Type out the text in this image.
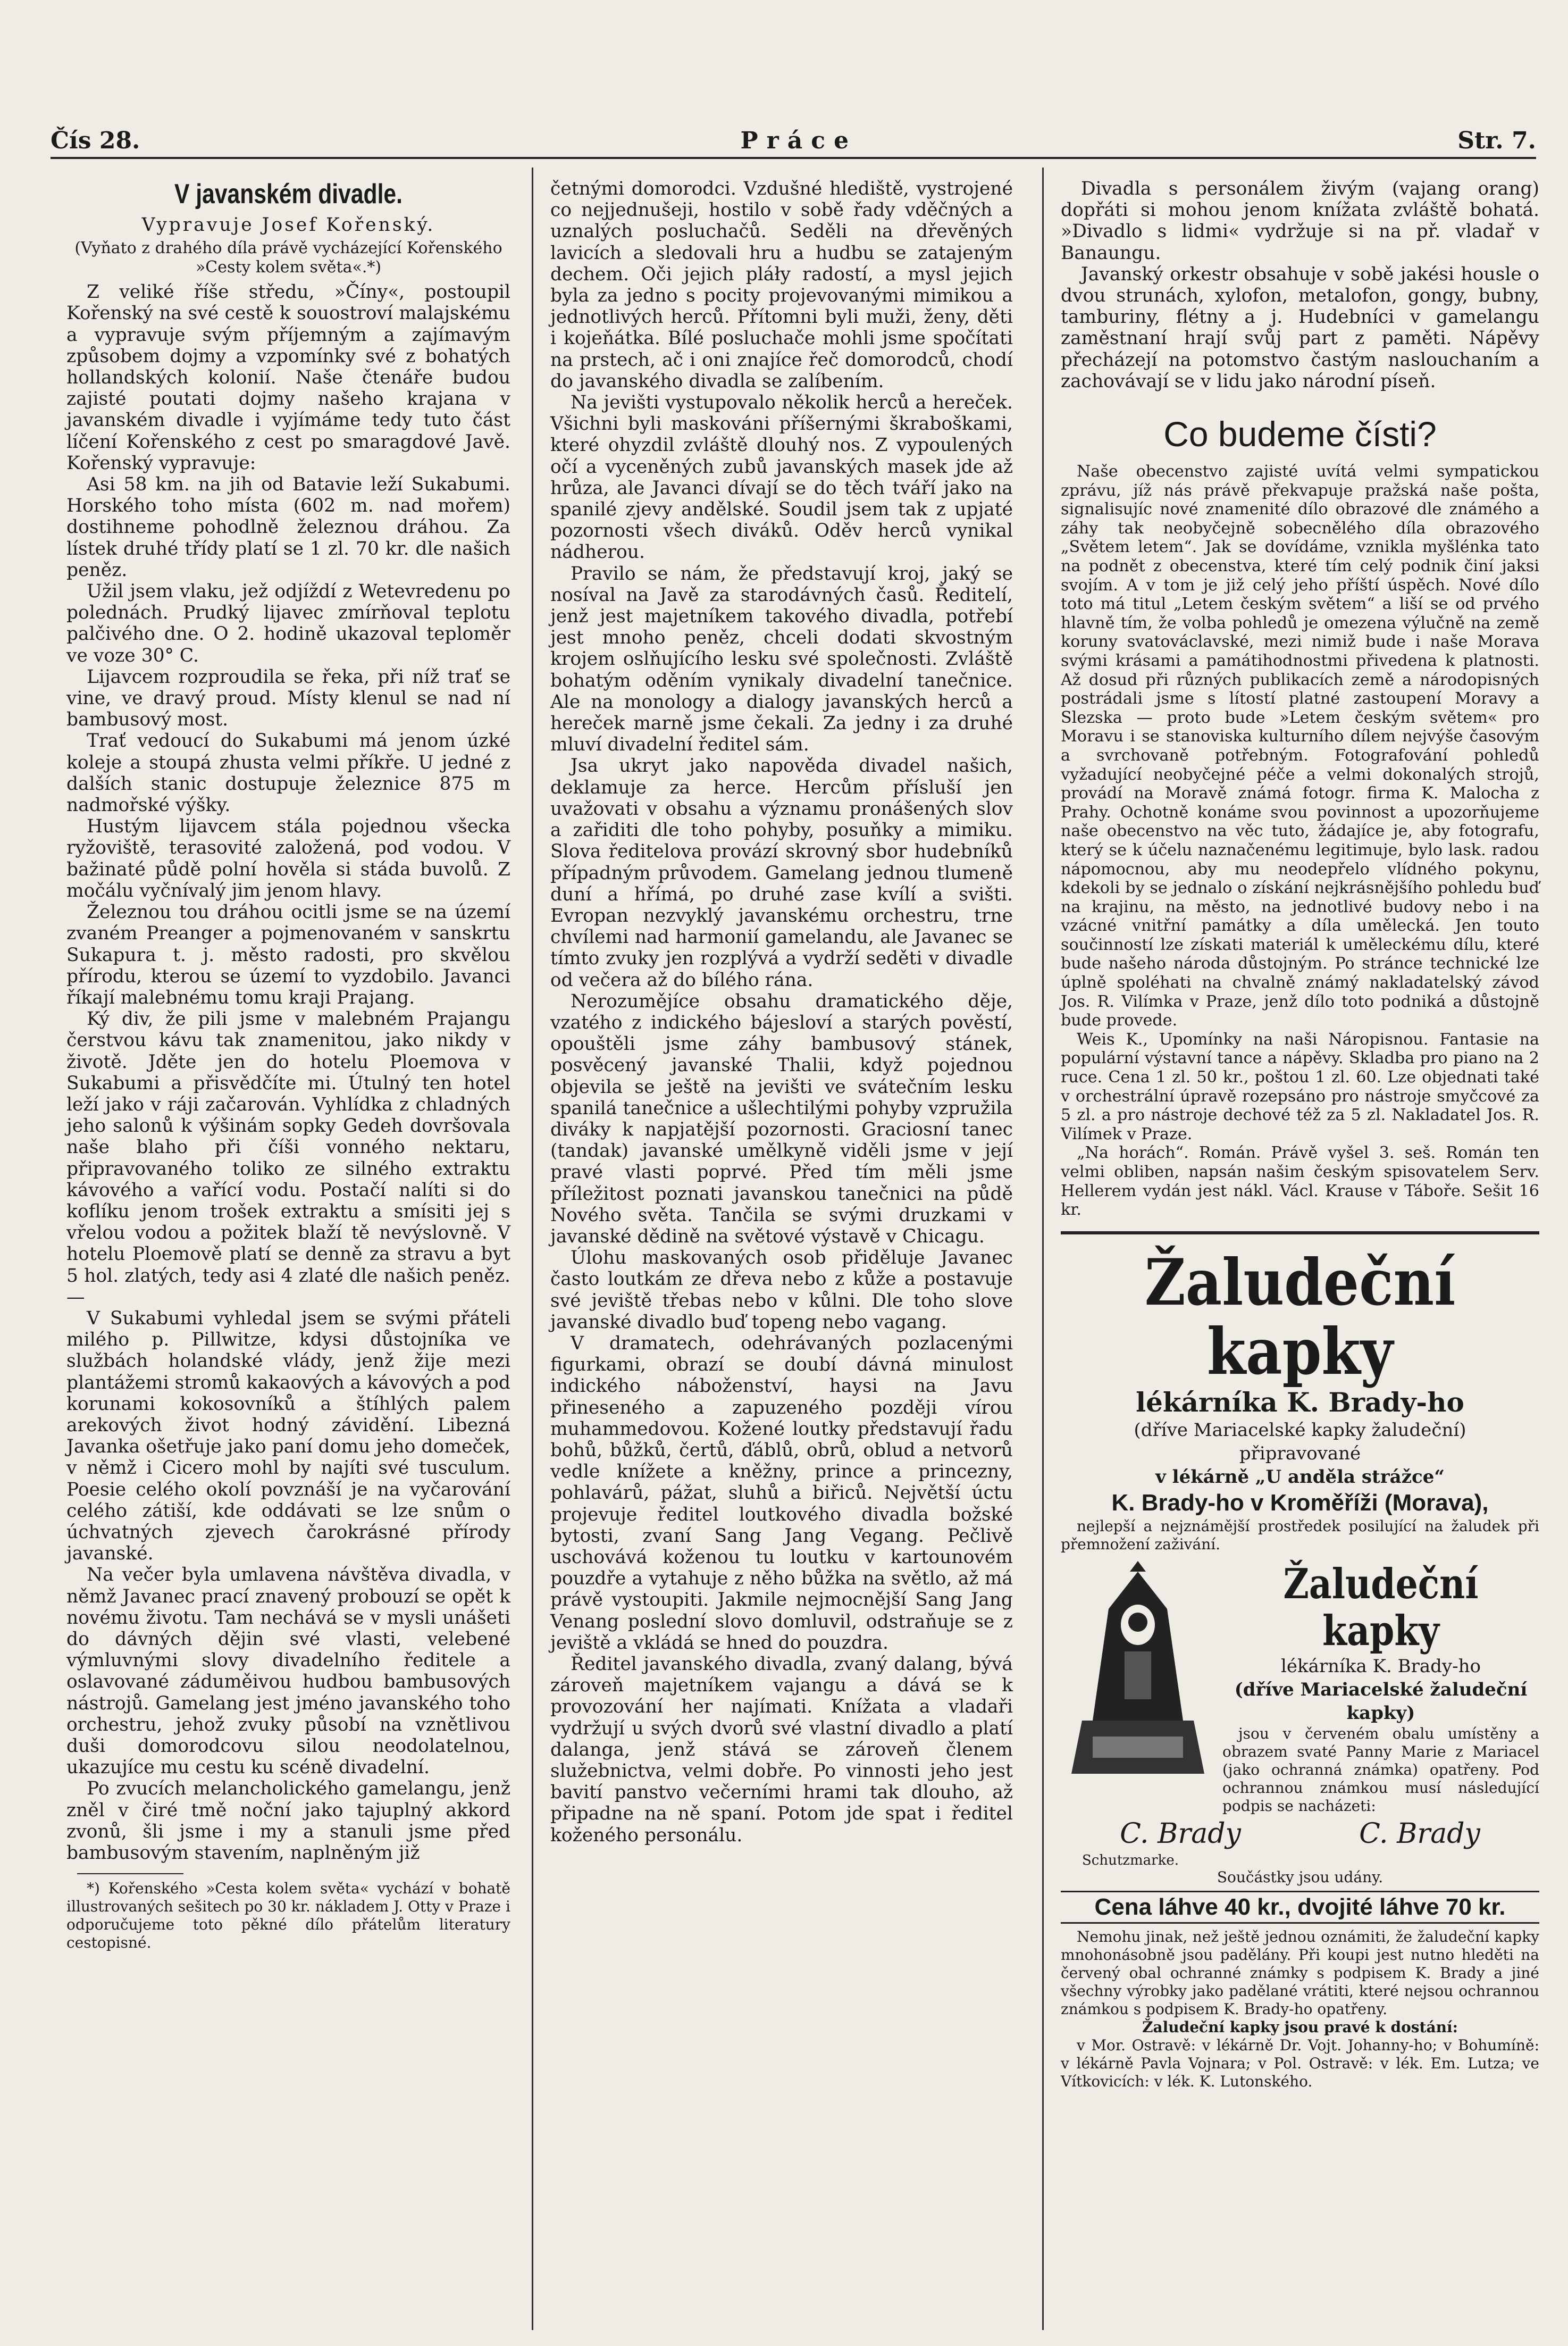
Čís 28.	Práce	Str. 7.
V javanském divadle.
Vypravuje Josef Kořenský.
(Vyňato z drahého díla právě vycházející Kořenského »Cesty kolem světa«.*)

Z veliké říše středu, »Číny«, postoupil Kořenský na své cestě k souostroví malajskému a vypravuje svým příjemným a zajímavým způsobem dojmy a vzpomínky své z bohatých hollandských kolonií. Naše čtenáře budou zajisté poutati dojmy našeho krajana v javanském divadle i vyjímáme tedy tuto část líčení Kořenského z cest po smaragdové Javě. Kořenský vypravuje:

Asi 58 km. na jih od Batavie leží Sukabumi. Horského toho místa (602 m. nad mořem) dostihneme pohodlně železnou dráhou. Za lístek druhé třídy platí se 1 zl. 70 kr. dle našich peněz.

Užil jsem vlaku, jež odjíždí z Wetevredenu po polednách. Prudký lijavec zmírňoval teplotu palčivého dne. O 2. hodině ukazoval teploměr ve voze 30° C.

Lijavcem rozproudila se řeka, při níž trať se vine, ve dravý proud. Místy klenul se nad ní bambusový most.

Trať vedoucí do Sukabumi má jenom úzké koleje a stoupá zhusta velmi příkře. U jedné z dalších stanic dostupuje železnice 875 m nadmořské výšky.

Hustým lijavcem stála pojednou všecka ryžoviště, terasovité založená, pod vodou. V bažinaté půdě polní hověla si stáda buvolů. Z močálu vyčnívalý jim jenom hlavy.

Železnou tou dráhou ocitli jsme se na území zvaném Preanger a pojmenovaném v sanskrtu Sukapura t. j. město radosti, pro skvělou přírodu, kterou se území to vyzdobilo. Javanci říkají malebnému tomu kraji Prajang.

Ký div, že pili jsme v malebném Prajangu čerstvou kávu tak znamenitou, jako nikdy v životě. Jděte jen do hotelu Ploemova v Sukabumi a přisvědčíte mi. Útulný ten hotel leží jako v ráji začarován. Vyhlídka z chladných jeho salonů k výšinám sopky Gedeh dovršovala naše blaho při číši vonného nektaru, připravovaného toliko ze silného extraktu kávového a vařící vodu. Postačí nalíti si do koflíku jenom trošek extraktu a smísiti jej s vřelou vodou a požitek blaží tě nevýslovně. V hotelu Ploemově platí se denně za stravu a byt 5 hol. zlatých, tedy asi 4 zlaté dle našich peněz. —

V Sukabumi vyhledal jsem se svými přáteli milého p. Pillwitze, kdysi důstojníka ve službách holandské vlády, jenž žije mezi plantážemi stromů kakaových a kávových a pod korunami kokosovníků a štíhlých palem arekových život hodný závidění. Libezná Javanka ošetřuje jako paní domu jeho domeček, v němž i Cicero mohl by najíti své tusculum. Poesie celého okolí povznáší je na vyčarování celého zátiší, kde oddávati se lze snům o úchvatných zjevech čarokrásné přírody javanské.

Na večer byla umlavena návštěva divadla, v němž Javanec prací znavený probouzí se opět k novému životu. Tam nechává se v mysli unášeti do dávných dějin své vlasti, velebené výmluvnými slovy divadelního ředitele a oslavované záduměivou hudbou bambusových nástrojů. Gamelang jest jméno javanského toho orchestru, jehož zvuky působí na vznětlivou duši domorodcovu silou neodolatelnou, ukazujíce mu cestu ku scéně divadelní.

Po zvucích melancholického gamelangu, jenž zněl v čiré tmě noční jako tajuplný akkord zvonů, šli jsme i my a stanuli jsme před bambusovým stavením, naplněným již

*) Kořenského »Cesta kolem světa« vychází v bohatě illustrovaných sešitech po 30 kr. nákladem J. Otty v Praze i odporučujeme toto pěkné dílo přátelům literatury cestopisné.

četnými domorodci. Vzdušné hlediště, vystrojené co nejjednušeji, hostilo v sobě řady vděčných a uznalých posluchačů. Seděli na dřevěných lavicích a sledovali hru a hudbu se zatajeným dechem. Oči jejich pláły radostí, a mysl jejich byla za jedno s pocity projevovanými mimikou a jednotlivých herců. Přítomni byli muži, ženy, děti i kojeňátka. Bílé posluchače mohli jsme spočítati na prstech, ač i oni znajíce řeč domorodců, chodí do javanského divadla se zalíbením.

Na jevišti vystupovalo několik herců a hereček. Všichni byli maskováni příšernými škraboškami, které ohyzdil zvláště dlouhý nos. Z vypoulených očí a vyceněných zubů javanských masek jde až hrůza, ale Javanci dívají se do těch tváří jako na spanilé zjevy andělské. Soudil jsem tak z upjaté pozornosti všech diváků. Oděv herců vynikal nádherou.

Pravilo se nám, že představují kroj, jaký se nosíval na Javě za starodávných časů. Ředitelí, jenž jest majetníkem takového divadla, potřebí jest mnoho peněz, chceli dodati skvostným krojem oslňujícího lesku své společnosti. Zvláště bohatým oděním vynikaly divadelní tanečnice. Ale na monology a dialogy javanských herců a hereček marně jsme čekali. Za jedny i za druhé mluví divadelní ředitel sám.

Jsa ukryt jako napověda divadel našich, deklamuje za herce. Hercům přísluší jen uvažovati v obsahu a významu pronášených slov a zařiditi dle toho pohyby, posuňky a mimiku. Slova ředitelova provází skrovný sbor hudebníků případným průvodem. Gamelang jednou tlumeně duní a hřímá, po druhé zase kvílí a svišti. Evropan nezvyklý javanskému orchestru, trne chvílemi nad harmonií gamelandu, ale Javanec se tímto zvuky jen rozplývá a vydrží seděti v divadle od večera až do bílého rána.

Nerozumějíce obsahu dramatického děje, vzatého z indického bájesloví a starých pověstí, opouštěli jsme záhy bambusový stánek, posvěcený javanské Thalii, když pojednou objevila se ještě na jevišti ve svátečním lesku spanilá tanečnice a ušlechtilými pohyby vzpružila diváky k napjatější pozornosti. Graciosní tanec (tandak) javanské umělkyně viděli jsme v její pravé vlasti poprvé. Před tím měli jsme příležitost poznati javanskou tanečnici na půdě Nového světa. Tančila se svými druzkami v javanské dědině na světové výstavě v Chicagu.

Úlohu maskovaných osob přiděluje Javanec často loutkám ze dřeva nebo z kůže a postavuje své jeviště třebas nebo v kůlni. Dle toho slove javanské divadlo buď topeng nebo vagang.

V dramatech, odehrávaných pozlacenými figurkami, obrazí se doubí dávná minulost indického náboženství, haysi na Javu přineseného a zapuzeného později vírou muhammedovou. Kožené loutky představují řadu bohů, bůžků, čertů, ďáblů, obrů, oblud a netvorů vedle knížete a kněžny, prince a princezny, pohlavárů, pážat, sluhů a biřiců. Největší úctu projevuje ředitel loutkového divadla božské bytosti, zvaní Sang Jang Vegang. Pečlivě uschovává koženou tu loutku v kartounovém pouzdře a vytahuje z něho bůžka na světlo, až má právě vystoupiti. Jakmile nejmocnější Sang Jang Venang poslední slovo domluvil, odstraňuje se z jeviště a vkládá se hned do pouzdra.

Ředitel javanského divadla, zvaný dalang, bývá zároveň majetníkem vajangu a dává se k provozování her najímati. Knížata a vladaři vydržují u svých dvorů své vlastní divadlo a platí dalanga, jenž stává se zároveň členem služebnictva, velmi dobře. Po vinnosti jeho jest bavití panstvo večerními hrami tak dlouho, až připadne na ně spaní. Potom jde spat i ředitel koženého personálu.

Divadla s personálem živým (vajang orang) dopřáti si mohou jenom knížata zvláště bohatá. »Divadlo s lidmi« vydržuje si na př. vladař v Banaungu.

Javanský orkestr obsahuje v sobě jakési housle o dvou strunách, xylofon, metalofon, gongy, bubny, tamburiny, flétny a j. Hudebníci v gamelangu zaměstnaní hrají svůj part z paměti. Nápěvy přecházejí na potomstvo častým naslouchaním a zachovávají se v lidu jako národní píseň.

Co budeme čísti?

Naše obecenstvo zajisté uvítá velmi sympatickou zprávu, jíž nás právě překvapuje pražská naše pošta, signalisujíc nové znamenité dílo obrazové dle známého a záhy tak neobyčejně sobecnělého díla obrazového „Světem letem“. Jak se dovídáme, vznikla myšlénka tato na podnět z obecenstva, které tím celý podnik činí jaksi svojím. A v tom je již celý jeho příští úspěch. Nové dílo toto má titul „Letem českým světem“ a liší se od prvého hlavně tím, že volba pohledů je omezena výlučně na země koruny svatováclavské, mezi nimiž bude i naše Morava svými krásami a památihodnostmi přivedena k platnosti. Až dosud při různých publikacích země a národopisných postrádali jsme s lítostí platné zastoupení Moravy a Slezska — proto bude »Letem českým světem« pro Moravu i se stanoviska kulturního dílem nejvýše časovým a svrchovaně potřebným. Fotografování pohledů vyžadující neobyčejné péče a velmi dokonalých strojů, provádí na Moravě známá fotogr. firma K. Malocha z Prahy. Ochotně konáme svou povinnost a upozorňujeme naše obecenstvo na věc tuto, žádajíce je, aby fotografu, který se k účelu naznačenému legitimuje, bylo lask. radou nápomocnou, aby mu neodepřelo vlídného pokynu, kdekoli by se jednalo o získání nejkrásnějšího pohledu buď na krajinu, na město, na jednotlivé budovy nebo i na vzácné vnitřní památky a díla umělecká. Jen touto součinností lze získati materiál k uměleckému dílu, které bude našeho národa důstojným. Po stránce technické lze úplně spoléhati na chvalně známý nakladatelský závod Jos. R. Vilímka v Praze, jenž dílo toto podniká a důstojně bude provede.

Weis K., Upomínky na naši Náropisnou. Fantasie na populární výstavní tance a nápěvy. Skladba pro piano na 2 ruce. Cena 1 zl. 50 kr., poštou 1 zl. 60. Lze objednati také v orchestrální úpravě rozepsáno pro nástroje smyčcové za 5 zl. a pro nástroje dechové též za 5 zl. Nakladatel Jos. R. Vilímek v Praze.

„Na horách“. Román. Právě vyšel 3. seš. Román ten velmi obliben, napsán našim českým spisovatelem Serv. Hellerem vydán jest nákl. Václ. Krause v Táboře. Sešit 16 kr.

Žaludeční kapky
lékárníka K. Brady-ho
(dříve Mariacelské kapky žaludeční)
připravované
v lékárně „U anděla strážce“
K. Brady-ho v Kroměříži (Morava),
nejlepší a nejznámější prostředek posilující na žaludek při přemnožení zaživání.
Žaludeční kapky
lékárníka K. Brady-ho
(dříve Mariacelské žaludeční kapky)
jsou v červeném obalu umístěny a obrazem svaté Panny Marie z Mariacel (jako ochranná známka) opatřeny. Pod ochrannou známkou musí následující podpis se nacházeti:
C. Brady	C. Brady
Schutzmarke.
Součástky jsou udány.
Cena láhve 40 kr., dvojité láhve 70 kr.
Nemohu jinak, než ještě jednou oznámiti, že žaludeční kapky mnohonásobně jsou padělány. Při koupi jest nutno hleděti na červený obal ochranné známky s podpisem K. Brady a jiné všechny výrobky jako padělané vrátiti, které nejsou ochrannou známkou s podpisem K. Brady-ho opatřeny.
Žaludeční kapky jsou pravé k dostání:
v Mor. Ostravě: v lékárně Dr. Vojt. Johanny-ho; v Bohumíně: v lékárně Pavla Vojnara; v Pol. Ostravě: v lék. Em. Lutza; ve Vítkovicích: v lék. K. Lutonského.
